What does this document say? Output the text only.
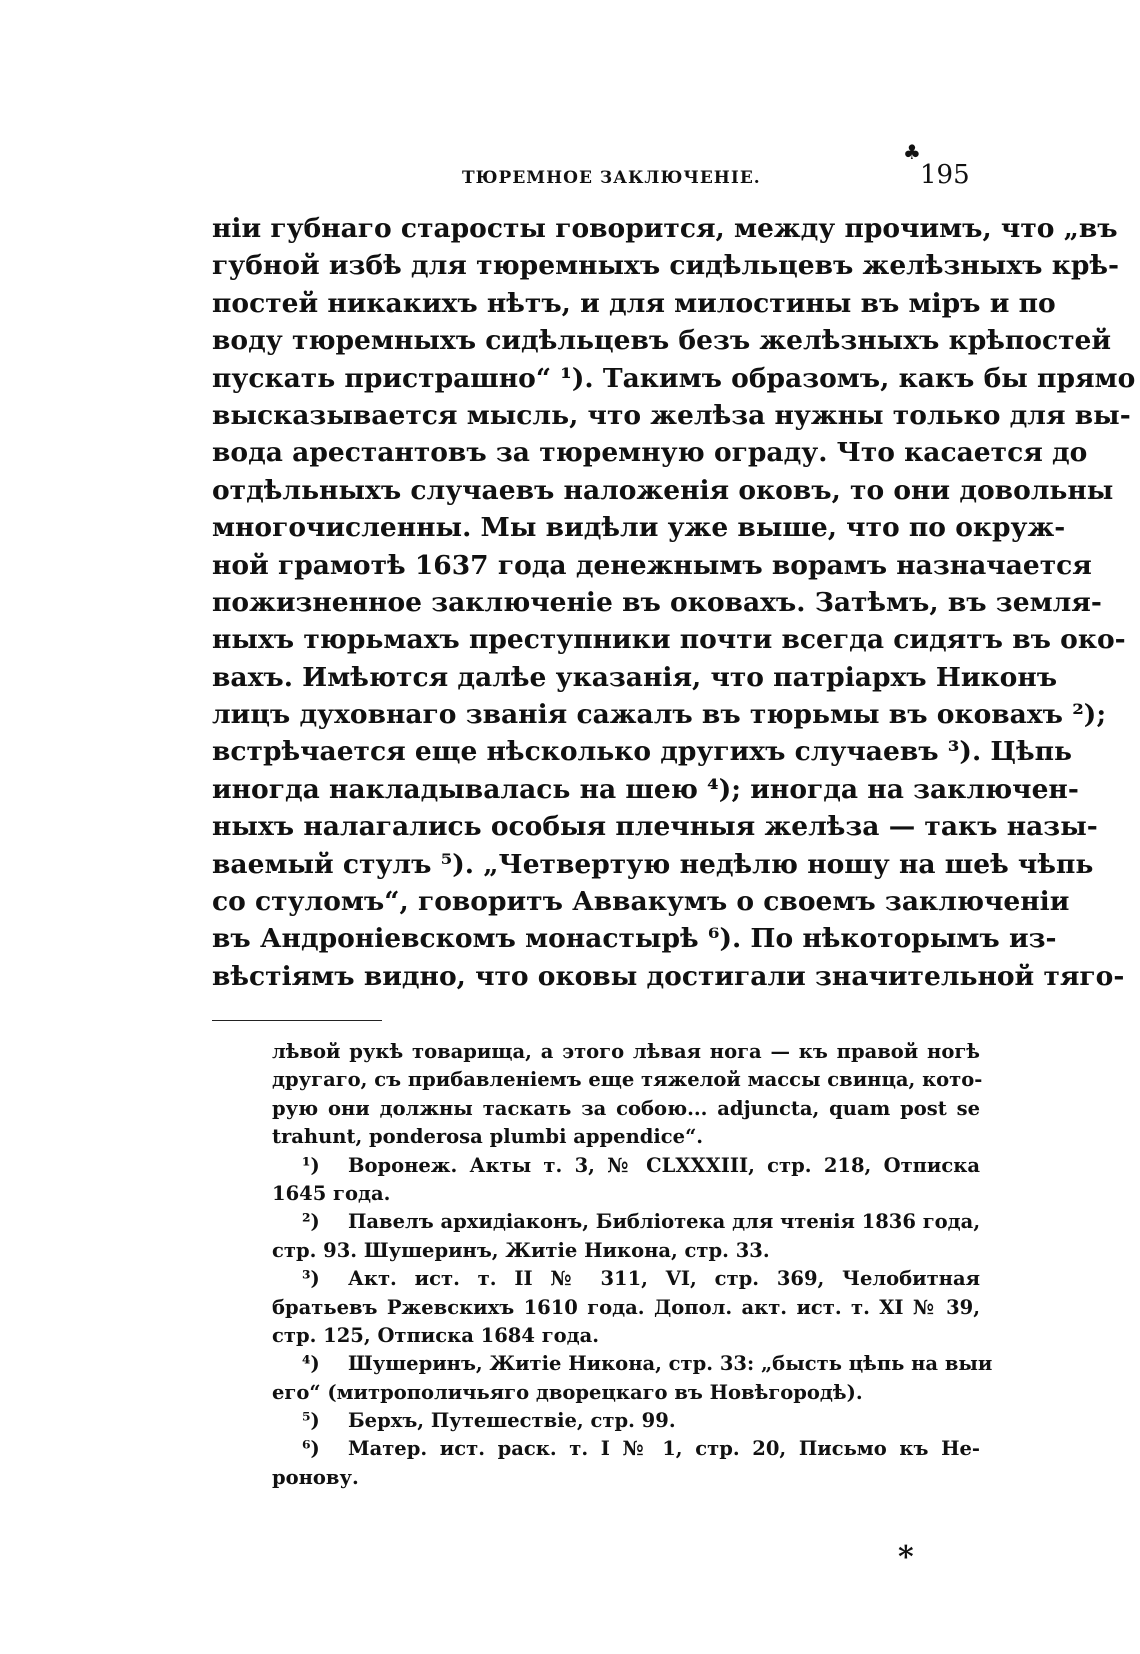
♣
ТЮРЕМНОЕ ЗАКЛЮЧЕНІЕ.	195
ніи губнаго старосты говорится, между прочимъ, что „въ
губной избѣ для тюремныхъ сидѣльцевъ желѣзныхъ крѣ-
постей никакихъ нѣтъ, и для милостины въ міръ и по
воду тюремныхъ сидѣльцевъ безъ желѣзныхъ крѣпостей
пускать пристрашно“ ¹). Такимъ образомъ, какъ бы прямо
высказывается мысль, что желѣза нужны только для вы-
вода арестантовъ за тюремную ограду. Что касается до
отдѣльныхъ случаевъ наложенія оковъ, то они довольны
многочисленны. Мы видѣли уже выше, что по окруж-
ной грамотѣ 1637 года денежнымъ ворамъ назначается
пожизненное заключеніе въ оковахъ. Затѣмъ, въ земля-
ныхъ тюрьмахъ преступники почти всегда сидятъ въ око-
вахъ. Имѣются далѣе указанія, что патріархъ Никонъ
лицъ духовнаго званія сажалъ въ тюрьмы въ оковахъ ²);
встрѣчается еще нѣсколько другихъ случаевъ ³). Цѣпь
иногда накладывалась на шею ⁴); иногда на заключен-
ныхъ налагались особыя плечныя желѣза — такъ назы-
ваемый стулъ ⁵). „Четвертую недѣлю ношу на шеѣ чѣпь
со стуломъ“, говоритъ Аввакумъ о своемъ заключеніи
въ Андроніевскомъ монастырѣ ⁶). По нѣкоторымъ из-
вѣстіямъ видно, что оковы достигали значительной тяго-
лѣвой рукѣ товарища, а этого лѣвая нога — къ правой ногѣ
другаго, съ прибавленіемъ еще тяжелой массы свинца, кото-
рую они должны таскать за собою... adjuncta, quam post se
trahunt, ponderosa plumbi appendice“.
¹) Воронеж. Акты т. 3, № CLXXXIII, стр. 218, Отписка
1645 года.
²) Павелъ архидіаконъ, Библіотека для чтенія 1836 года,
стр. 93. Шушеринъ, Житіе Никона, стр. 33.
³) Акт. ист. т. II № 311, VI, стр. 369, Челобитная
братьевъ Ржевскихъ 1610 года. Допол. акт. ист. т. XI № 39,
стр. 125, Отписка 1684 года.
⁴) Шушеринъ, Житіе Никона, стр. 33: „бысть цѣпь на выи
его“ (митрополичьяго дворецкаго въ Новѣгородѣ).
⁵) Берхъ, Путешествіе, стр. 99.
⁶) Матер. ист. раск. т. I № 1, стр. 20, Письмо къ Не-
ронову.
*
